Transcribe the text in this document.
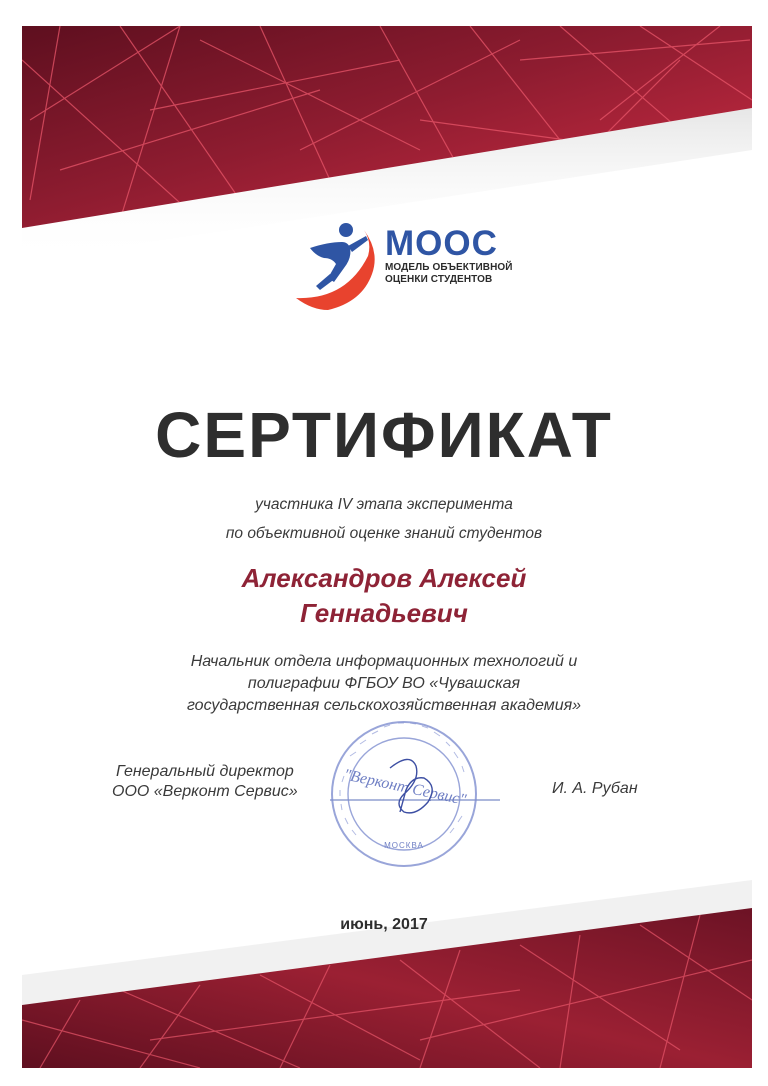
МООС
МОДЕЛЬ ОБЪЕКТИВНОЙ
ОЦЕНКИ СТУДЕНТОВ
СЕРТИФИКАТ
участника IV этапа эксперимента
по объективной оценке знаний студентов
Александров Алексей
Геннадьевич
Начальник отдела информационных технологий и
полиграфии ФГБОУ ВО «Чувашская
государственная сельскохозяйственная академия»
Генеральный директор
ООО «Верконт Сервис»	"Верконт Сервис"
МОСКВА
И. А. Рубан
июнь, 2017
